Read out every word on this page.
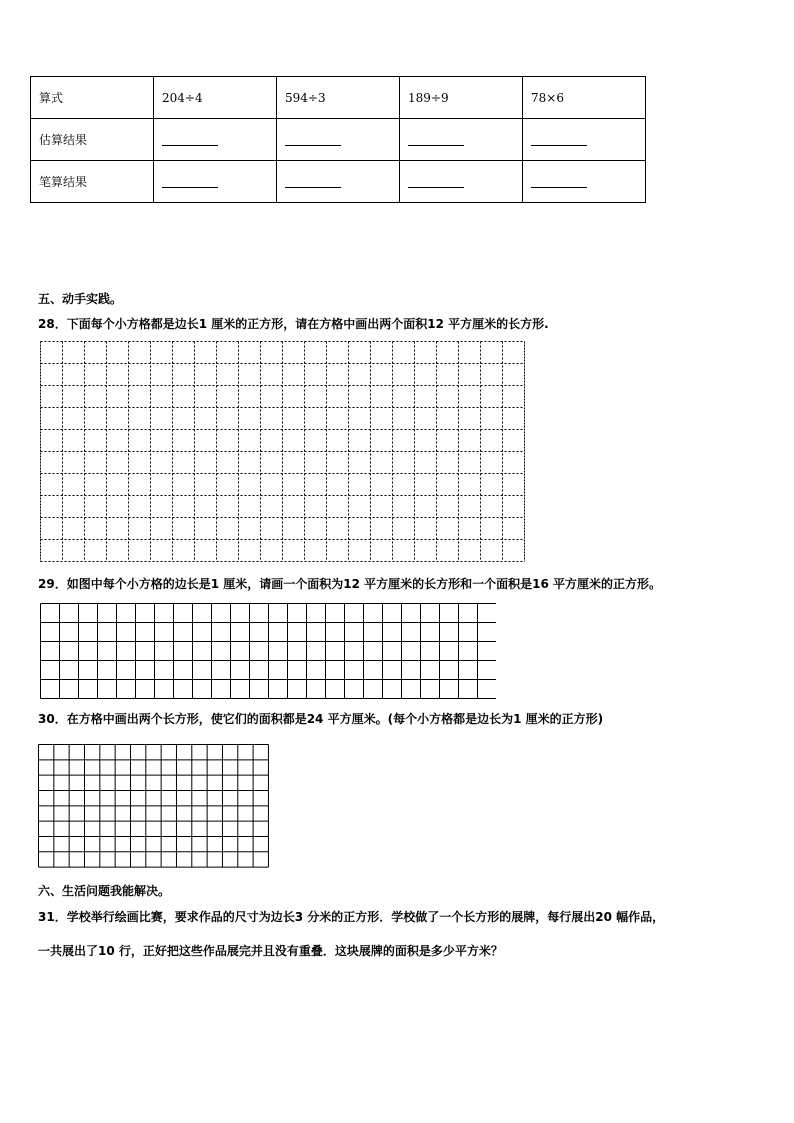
算式	204÷4	594÷3	189÷9	78×6
估算结果				
笔算结果				
五、动手实践。
28．下面每个小方格都是边长1 厘米的正方形，请在方格中画出两个面积12 平方厘米的长方形.
29．如图中每个小方格的边长是1 厘米，请画一个面积为12 平方厘米的长方形和一个面积是16 平方厘米的正方形。
30．在方格中画出两个长方形，使它们的面积都是24 平方厘米。(每个小方格都是边长为1 厘米的正方形)
六、生活问题我能解决。
31．学校举行绘画比赛，要求作品的尺寸为边长3 分米的正方形．学校做了一个长方形的展牌，每行展出20 幅作品，
一共展出了10 行，正好把这些作品展完并且没有重叠．这块展牌的面积是多少平方米？
